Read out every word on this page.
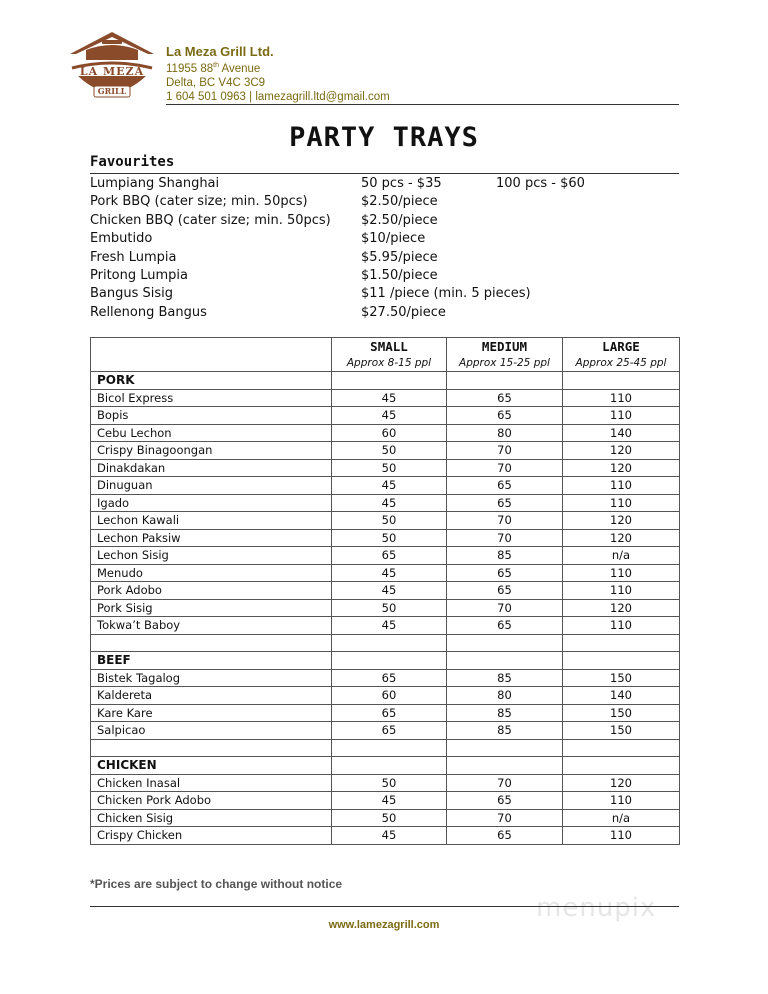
LA MEZA
GRILL
La Meza Grill Ltd.
11955 88th Avenue
Delta, BC V4C 3C9
1 604 501 0963 | lamezagrill.ltd@gmail.com
PARTY TRAYS
Favourites
Lumpiang Shanghai	50 pcs - $35	100 pcs - $60
Pork BBQ (cater size; min. 50pcs)	$2.50/piece
Chicken BBQ (cater size; min. 50pcs) $2.50/piece
Embutido	$10/piece
Fresh Lumpia	$5.95/piece
Pritong Lumpia	$1.50/piece
Bangus Sisig	$11 /piece (min. 5 pieces)
Rellenong Bangus	$27.50/piece
	SMALL	MEDIUM	LARGE
	Approx 8-15 ppl	Approx 15-25 ppl	Approx 25-45 ppl
PORK			
Bicol Express	45	65	110
Bopis	45	65	110
Cebu Lechon	60	80	140
Crispy Binagoongan	50	70	120
Dinakdakan	50	70	120
Dinuguan	45	65	110
Igado	45	65	110
Lechon Kawali	50	70	120
Lechon Paksiw	50	70	120
Lechon Sisig	65	85	n/a
Menudo	45	65	110
Pork Adobo	45	65	110
Pork Sisig	50	70	120
Tokwa’t Baboy	45	65	110

BEEF			
Bistek Tagalog	65	85	150
Kaldereta	60	80	140
Kare Kare	65	85	150
Salpicao	65	85	150

CHICKEN			
Chicken Inasal	50	70	120
Chicken Pork Adobo	45	65	110
Chicken Sisig	50	70	n/a
Crispy Chicken	45	65	110
*Prices are subject to change without notice
menupix
www.lamezagrill.com
